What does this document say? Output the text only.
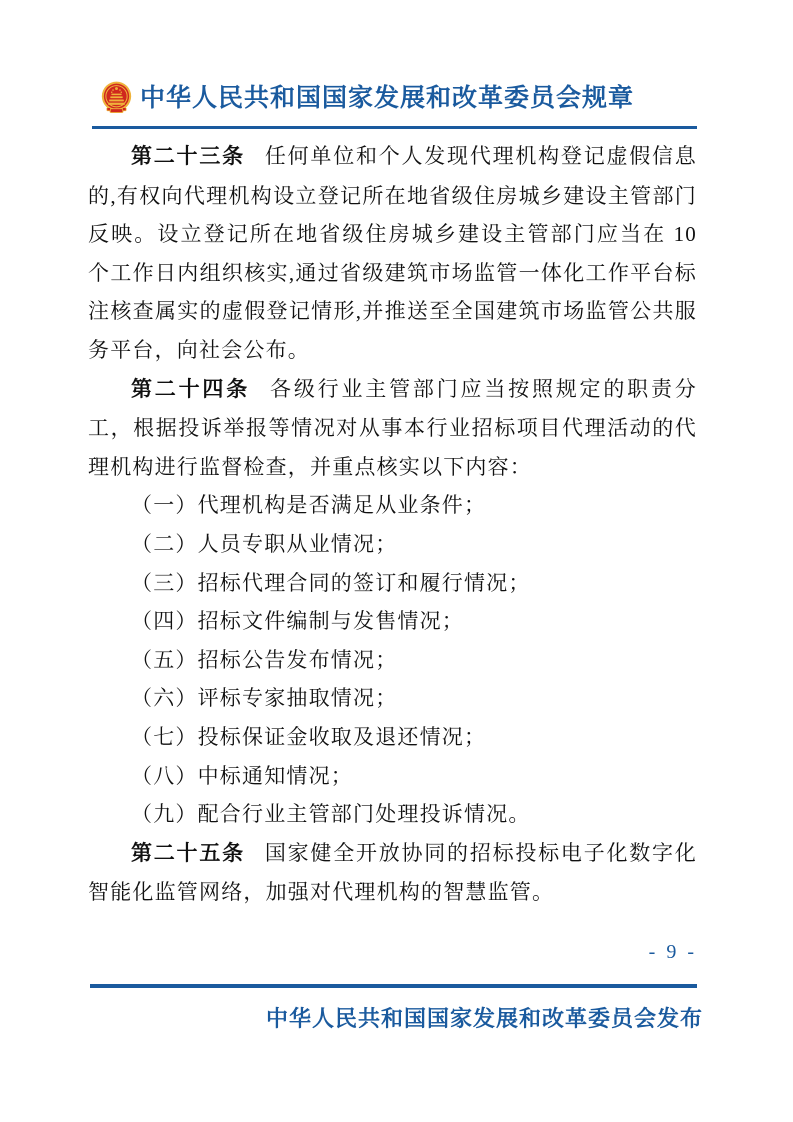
中华人民共和国国家发展和改革委员会规章

第二十三条 任何单位和个人发现代理机构登记虚假信息的,有权向代理机构设立登记所在地省级住房城乡建设主管部门反映。设立登记所在地省级住房城乡建设主管部门应当在 10 个工作日内组织核实,通过省级建筑市场监管一体化工作平台标注核查属实的虚假登记情形,并推送至全国建筑市场监管公共服务平台，向社会公布。

第二十四条 各级行业主管部门应当按照规定的职责分工，根据投诉举报等情况对从事本行业招标项目代理活动的代理机构进行监督检查，并重点核实以下内容：

（一）代理机构是否满足从业条件；

（二）人员专职从业情况；

（三）招标代理合同的签订和履行情况；

（四）招标文件编制与发售情况；

（五）招标公告发布情况；

（六）评标专家抽取情况；

（七）投标保证金收取及退还情况；

（八）中标通知情况；

（九）配合行业主管部门处理投诉情况。

第二十五条 国家健全开放协同的招标投标电子化数字化智能化监管网络，加强对代理机构的智慧监管。

- 9 -
中华人民共和国国家发展和改革委员会发布
